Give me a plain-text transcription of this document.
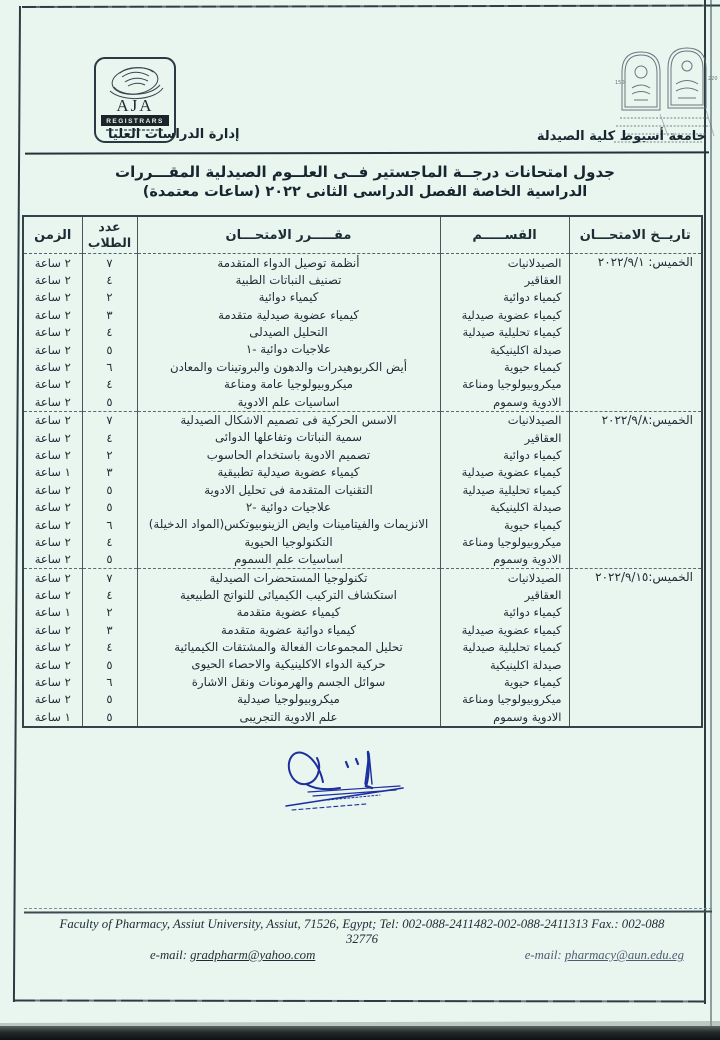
AJA
REGISTRARS
150
220
جامعة أسيوط كلية الصيدلة
إدارة الدراسات العليا
جدول امتحانات درجــة الماجستير فــى العلــوم الصيدلية المقـــررات
الدراسية الخاصة الفصل الدراسى الثانى ٢٠٢٢ (ساعات معتمدة)
تاريــخ الامتحـــان	القســـــم	مقـــــرر الامتحـــان	عدد
الطلاب	الزمن
الخميس: ٢٠٢٢/٩/١	الصيدلانيات	أنظمة توصيل الدواء المتقدمة	٧	٢ ساعة
	العقاقير	تصنيف النباتات الطبية	٤	٢ ساعة
	كيمياء دوائية	كيمياء دوائية	٢	٢ ساعة
	كيمياء عضوية صيدلية	كيمياء عضوية صيدلية متقدمة	٣	٢ ساعة
	كيمياء تحليلية صيدلية	التحليل الصيدلى	٤	٢ ساعة
	صيدلة اكلينيكية	علاجيات دوائية -١	٥	٢ ساعة
	كيمياء حيوية	أيض الكربوهيدرات والدهون والبروتينات والمعادن	٦	٢ ساعة
	ميكروبيولوجيا ومناعة	ميكروبيولوجيا عامة ومناعة	٤	٢ ساعة
	الادوية وسموم	اساسيات علم الادوية	٥	٢ ساعة
الخميس:٢٠٢٢/٩/٨	الصيدلانيات	الاسس الحركية فى تصميم الاشكال الصيدلية	٧	٢ ساعة
	العقاقير	سمية النباتات وتفاعلها الدوائى	٤	٢ ساعة
	كيمياء دوائية	تصميم الادوية باستخدام الحاسوب	٢	٢ ساعة
	كيمياء عضوية صيدلية	كيمياء عضوية صيدلية تطبيقية	٣	١ ساعة
	كيمياء تحليلية صيدلية	التقنيات المتقدمة فى تحليل الادوية	٥	٢ ساعة
	صيدلة اكلينيكية	علاجيات دوائية -٢	٥	٢ ساعة
	كيمياء حيوية	الانزيمات والفيتامينات وايض الزينوبيوتكس(المواد الدخيلة)	٦	٢ ساعة
	ميكروبيولوجيا ومناعة	التكنولوجيا الحيوية	٤	٢ ساعة
	الادوية وسموم	اساسيات علم السموم	٥	٢ ساعة
الخميس:٢٠٢٢/٩/١٥	الصيدلانيات	تكنولوجيا المستحضرات الصيدلية	٧	٢ ساعة
	العقاقير	استكشاف التركيب الكيميائى للنواتج الطبيعية	٤	٢ ساعة
	كيمياء دوائية	كيمياء عضوية متقدمة	٢	١ ساعة
	كيمياء عضوية صيدلية	كيمياء دوائية عضوية متقدمة	٣	٢ ساعة
	كيمياء تحليلية صيدلية	تحليل المجموعات الفعالة والمشتقات الكيميائية	٤	٢ ساعة
	صيدلة اكلينيكية	حركية الدواء الاكلينيكية والاحصاء الحيوى	٥	٢ ساعة
	كيمياء حيوية	سوائل الجسم والهرمونات ونقل الاشارة	٦	٢ ساعة
	ميكروبيولوجيا ومناعة	ميكروبيولوجيا صيدلية	٥	٢ ساعة
	الادوية وسموم	علم الادوية التجريبى	٥	١ ساعة
Faculty of Pharmacy, Assiut University, Assiut, 71526, Egypt; Tel: 002-088-2411482-002-088-2411313 Fax.: 002-088
32776
e-mail: gradpharm@yahoo.com	e-mail: pharmacy@aun.edu.eg
